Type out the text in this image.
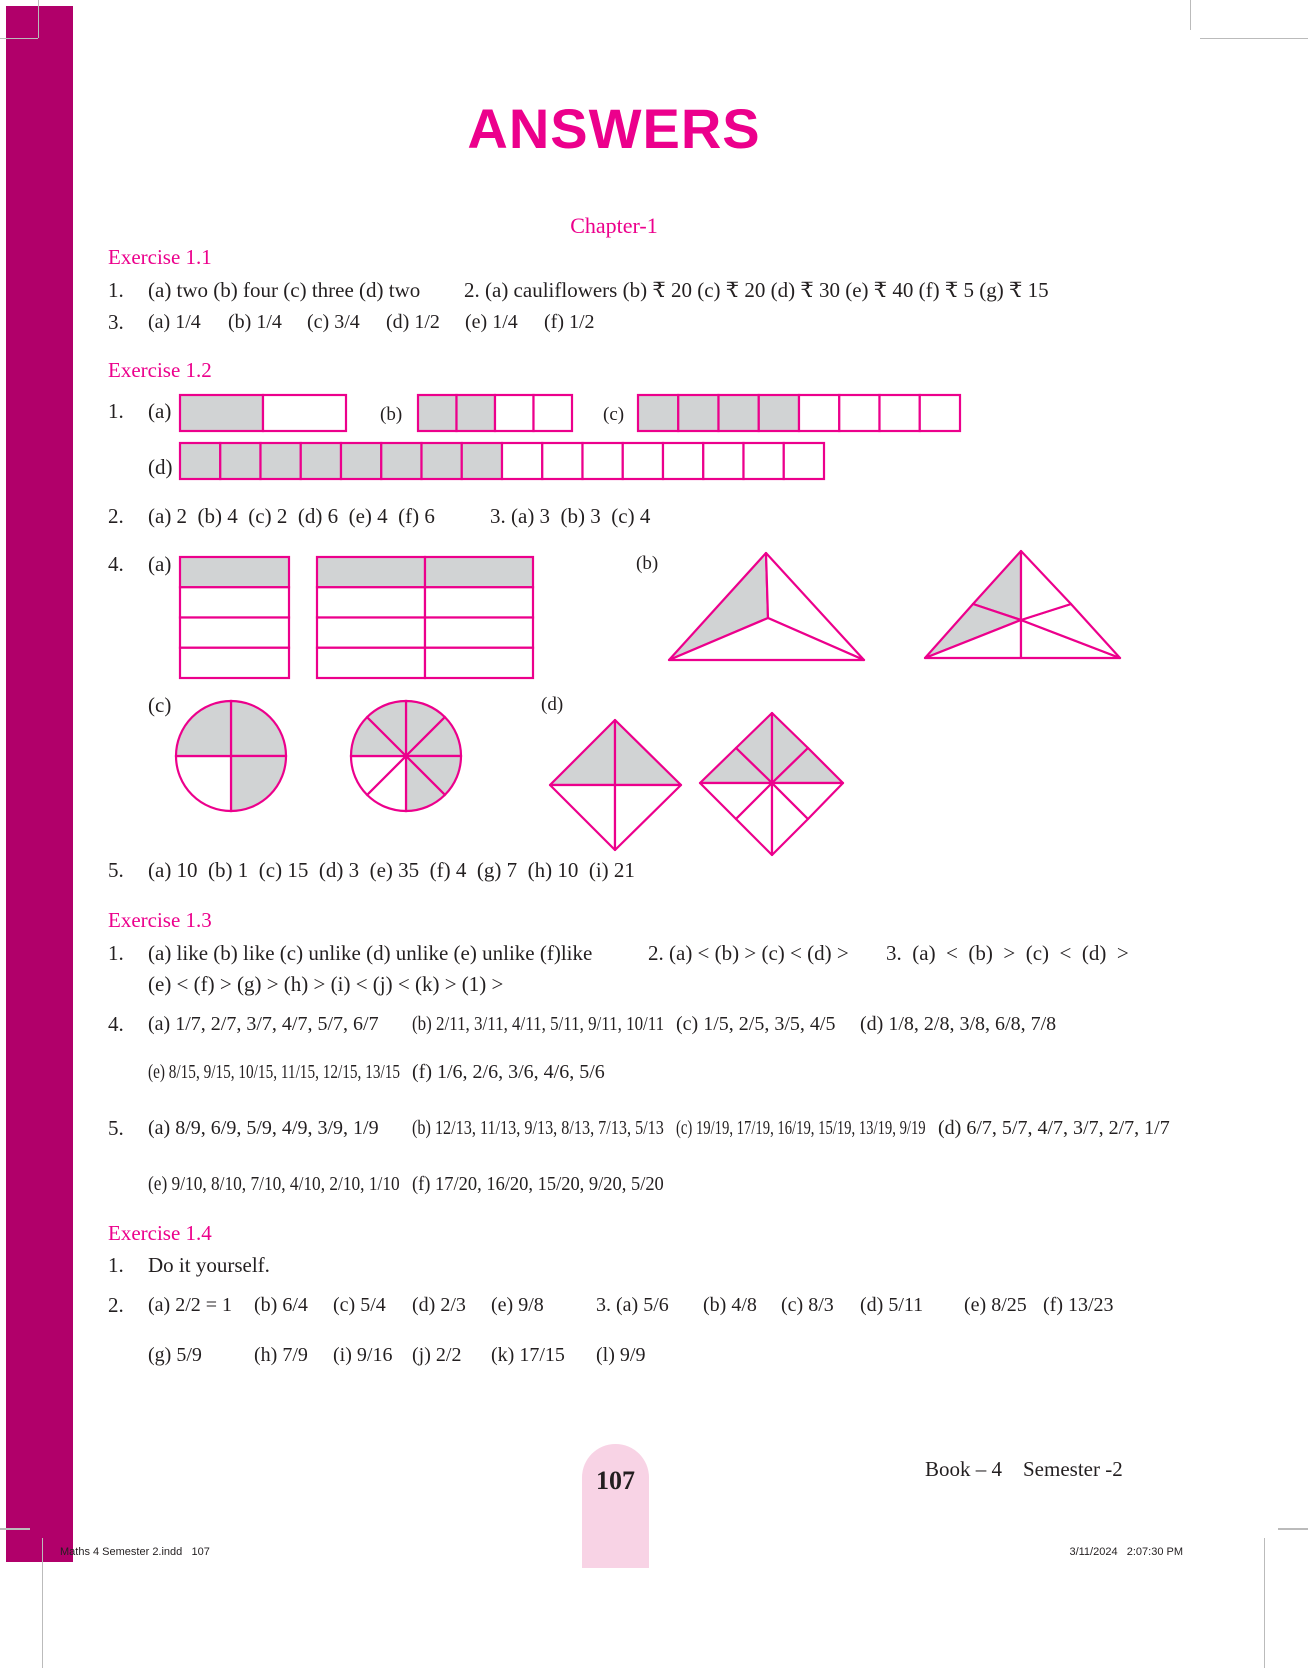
ANSWERS
Chapter-1
Exercise 1.1
1. (a) two (b) four (c) three (d) two 2. (a) cauliflowers (b) ₹ 20 (c) ₹ 20 (d) ₹ 30 (e) ₹ 40 (f) ₹ 5 (g) ₹ 15
3.
Exercise 1.2
1. (a)	(b)	(c)
(d)
2. (a) 2  (b) 4  (c) 2  (d) 6  (e) 4  (f) 6	3. (a) 3  (b) 3  (c) 4
4. (a)	(b)
(c)	(d)
5. (a) 10  (b) 1  (c) 15  (d) 3  (e) 35  (f) 4  (g) 7  (h) 10  (i) 21
Exercise 1.3
1. (a) like (b) like (c) unlike (d) unlike (e) unlike (f)like	2. (a) < (b) > (c) < (d) > 3.  (a)  <  (b)  >  (c)  <  (d)  >
(e) < (f) > (g) > (h) > (i) < (j) < (k) > (1) >
4.
5.
Exercise 1.4
1. Do it yourself.
2.
(a) 1/4 (b) 1/4 (c) 3/4 (d) 1/2 (e) 1/4 (f) 1/2
(a) 1/7 , 2/7 , 3/7 , 4/7 , 5/7 , 6/7 (b) 2/11 , 3/11 , 4/11 , 5/11 , 9/11 , 10/11 (c) 1/5 , 2/5 , 3/5 , 4/5 (d) 1/8 , 2/8 , 3/8 , 6/8 , 7/8
(e) 8/15 , 9/15 , 10/15 , 11/15 , 12/15 , 13/15 (f) 1/6 , 2/6 , 3/6 , 4/6 , 5/6
(a) 8/9 , 6/9 , 5/9 , 4/9 , 3/9 , 1/9 (b) 12/13 , 11/13 , 9/13 , 8/13 , 7/13 , 5/13 (c) 19/19 , 17/19 , 16/19 , 15/19 , 13/19 , 9/19 (d) 6/7 , 5/7 , 4/7 , 3/7 , 2/7 , 1/7
(e) 9/10 , 8/10 , 7/10 , 4/10 , 2/10 , 1/10 (f) 17/20 , 16/20 , 15/20 , 9/20 , 5/20
(a) 2/2 = 1 (b) 6/4 (c) 5/4 (d) 2/3 (e) 9/8
(g) 5/9	(h) 7/9 (i) 9/16 (j) 2/2 (k) 17/15 (l) 9/9
3. (a) 5/6 (b) 4/8 (c) 8/3 (d) 5/11 (e) 8/25 (f) 13/23
107	Book – 4    Semester -2
Maths 4 Semester 2.indd   107	3/11/2024   2:07:30 PM
